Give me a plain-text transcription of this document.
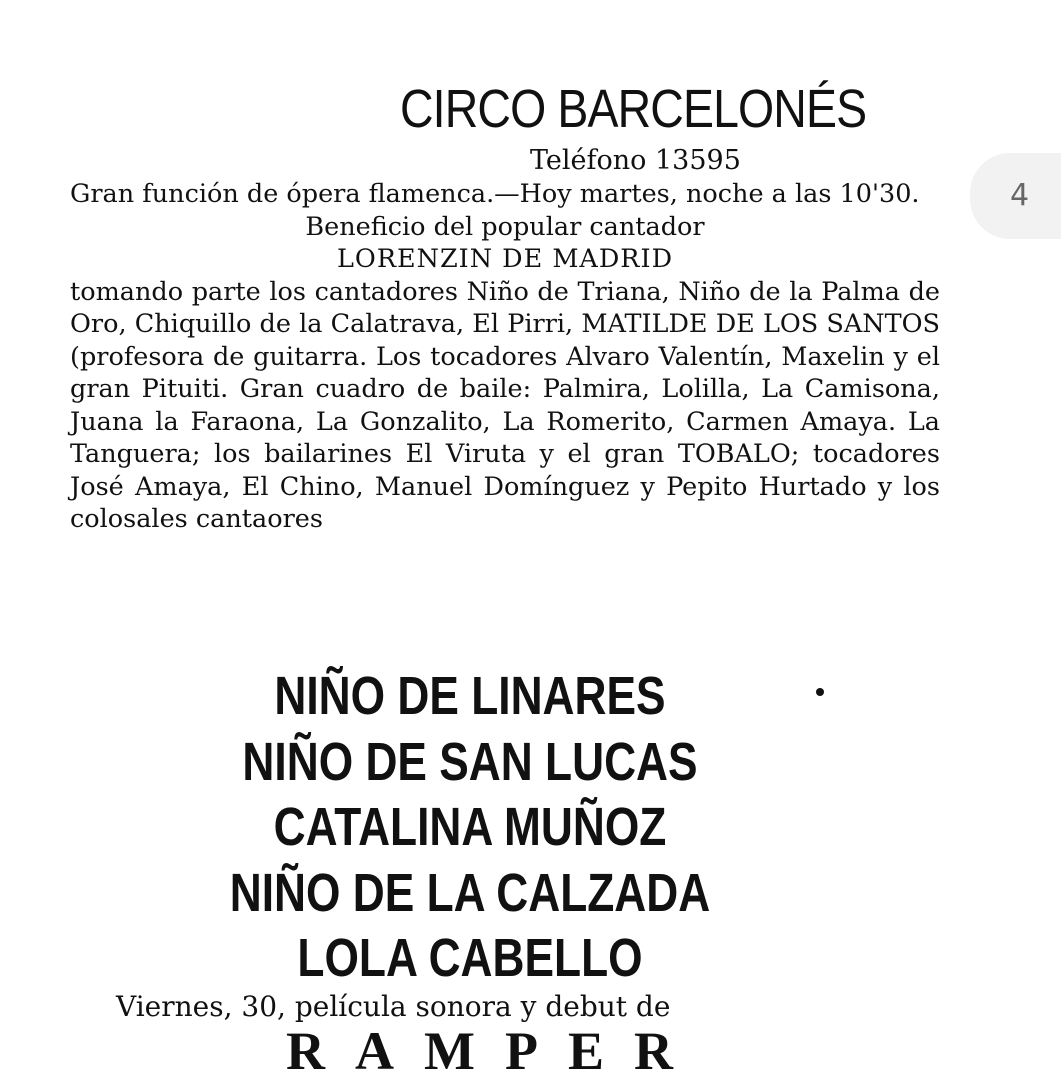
CIRCO BARCELONÉS
Teléfono 13595

Gran función de ópera flamenca.—Hoy martes, noche a las 10'30.

Beneficio del popular cantador
LORENZIN DE MADRID

tomando parte los cantadores Niño de Triana, Niño de la Palma de Oro, Chiquillo de la Calatrava, El Pirri, MATILDE DE LOS SANTOS (profesora de guitarra. Los tocadores Alvaro Valentín, Maxelin y el gran Pituiti. Gran cuadro de baile: Palmira, Lolilla, La Camisona, Juana la Faraona, La Gonzalito, La Romerito, Carmen Amaya. La Tanguera; los bailarines El Viruta y el gran TOBALO; tocadores José Amaya, El Chino, Manuel Domínguez y Pepito Hurtado y los colosales cantaores

NIÑO DE LINARES
NIÑO DE SAN LUCAS
CATALINA MUÑOZ
NIÑO DE LA CALZADA
LOLA CABELLO
Viernes, 30, película sonora y debut de
RAMPER
4
